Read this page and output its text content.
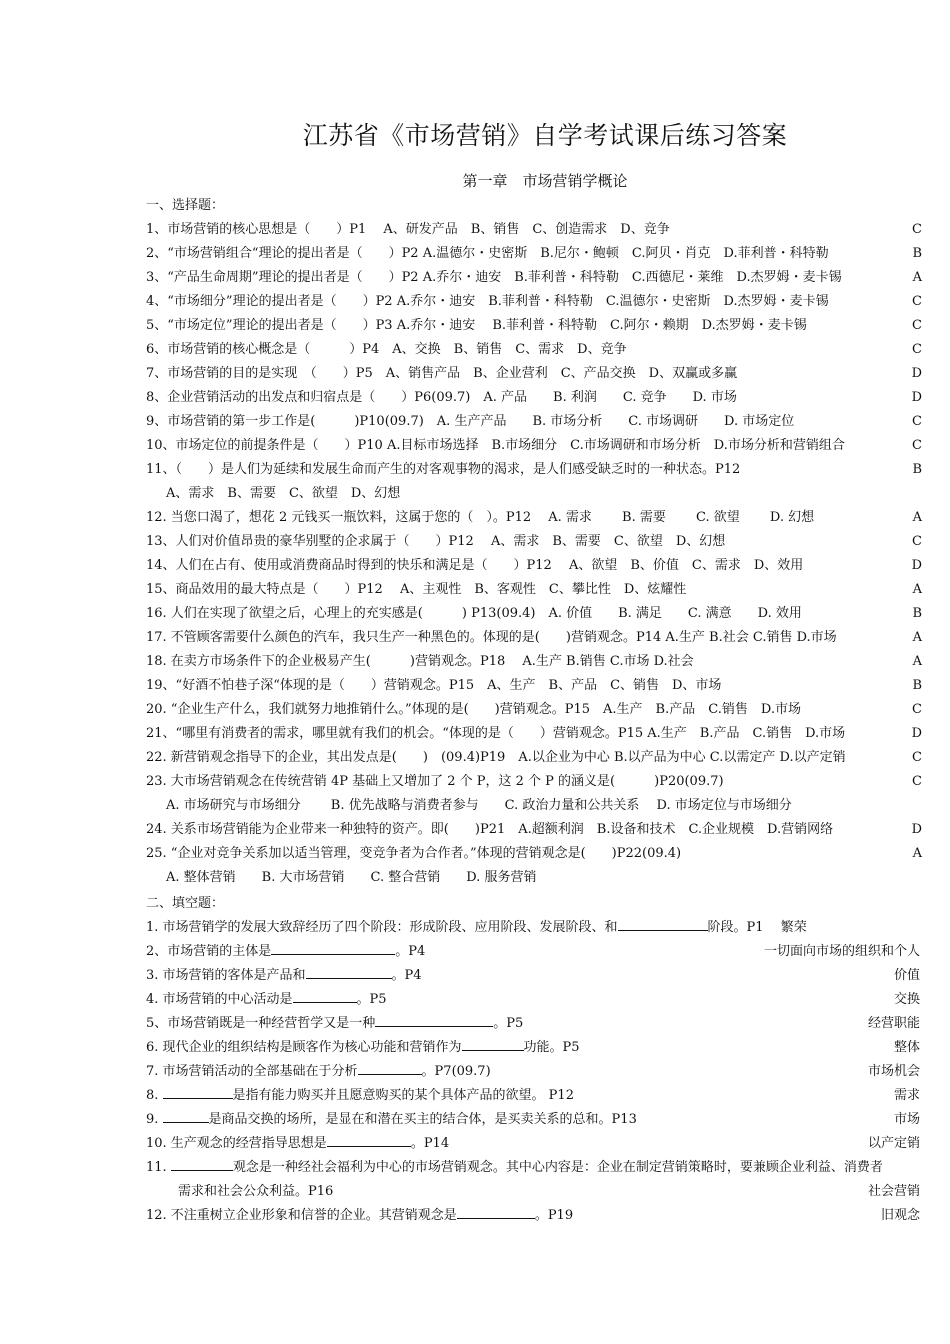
江苏省《市场营销》自学考试课后练习答案
第一章　市场营销学概论
一、选择题：
1、市场营销的核心思想是（　　）P1　 A、研发产品　B、销售　C、创造需求　D、竞争	C
2、“市场营销组合“理论的提出者是（　　）P2 A.温德尔・史密斯　B.尼尔・鲍顿　C.阿贝・肖克　D.菲利普・科特勒	B
3、“产品生命周期”理论的提出者是（　　）P2 A.乔尔・迪安　B.菲利普・科特勒　C.西德尼・莱维　D.杰罗姆・麦卡锡	A
4、“市场细分”理论的提出者是（　　）P2 A.乔尔・迪安　B.菲利普・科特勒　C.温德尔・史密斯　D.杰罗姆・麦卡锡	C
5、“市场定位”理论的提出者是（　　）P3 A.乔尔・迪安　 B.菲利普・科特勒　C.阿尔・赖期　D.杰罗姆・麦卡锡	C
6、市场营销的核心概念是（　　　）P4　A、交换　B、销售　C、需求　D、竞争	C
7、市场营销的目的是实现　（　　）P5　A、销售产品　B、企业营利　C、产品交换　D、双赢或多赢	D
8、企业营销活动的出发点和归宿点是（　　）P6(09.7)　A. 产品　　B. 利润　　C. 竞争　　D. 市场	D
9、市场营销的第一步工作是(　　　)P10(09.7)　A. 生产产品　　B. 市场分析　　C. 市场调研　　D. 市场定位	C
10、市场定位的前提条件是（　　）P10 A.目标市场选择　B.市场细分　C.市场调研和市场分析　D.市场分析和营销组合	C
11、（　　）是人们为延续和发展生命而产生的对客观事物的渴求，是人们感受缺乏时的一种状态。P12	B
A、需求　B、需要　C、欲望　D、幻想
12. 当您口渴了，想花 2 元钱买一瓶饮料，这属于您的（　）。P12　 A. 需求　　 B. 需要　　 C. 欲望　　 D. 幻想	A
13、人们对价值昂贵的豪华别墅的企求属于（　　）P12　 A、需求　B、需要　C、欲望　D、幻想	C
14、人们在占有、使用或消费商品时得到的快乐和满足是（　　）P12　 A、欲望　B、价值　C、需求　D、效用	D
15、商品效用的最大特点是（　　）P12　 A、主观性　B、客观性　C、攀比性　D、炫耀性	A
16. 人们在实现了欲望之后，心理上的充实感是(　　　) P13(09.4)　A. 价值　　B. 满足　　C. 满意　　D. 效用	B
17. 不管顾客需要什么颜色的汽车，我只生产一种黑色的。体现的是(　　)营销观念。P14 A.生产 B.社会 C.销售 D.市场	A
18. 在卖方市场条件下的企业极易产生(　　　)营销观念。P18　 A.生产 B.销售 C.市场 D.社会	A
19、“好酒不怕巷子深“体现的是（　　）营销观念。P15　A、生产　B、产品　C、销售　D、市场	B
20. “企业生产什么，我们就努力地推销什么。”体现的是(　　)营销观念。P15　A.生产　B.产品　C.销售　D.市场	C
21、“哪里有消费者的需求，哪里就有我们的机会。“体现的是（　　）营销观念。P15 A.生产　B.产品　C.销售　D.市场	D
22. 新营销观念指导下的企业，其出发点是(　　)　(09.4)P19　A.以企业为中心 B.以产品为中心 C.以需定产 D.以产定销	C
23. 大市场营销观念在传统营销 4P 基础上又增加了 2 个 P，这 2 个 P 的涵义是(　　　)P20(09.7)	C
A. 市场研究与市场细分　　 B. 优先战略与消费者参与　　C. 政治力量和公共关系　 D. 市场定位与市场细分
24. 关系市场营销能为企业带来一种独特的资产。即(　　)P21　A.超额利润　B.设备和技术　C.企业规模　D.营销网络	D
25. “企业对竞争关系加以适当管理，变竞争者为合作者。”体现的营销观念是(　　)P22(09.4)	A
A. 整体营销　　B. 大市场营销　　C. 整合营销　　D. 服务营销
二、填空题：
1. 市场营销学的发展大致辞经历了四个阶段：形成阶段、应用阶段、发展阶段、和	阶段。P1　 繁荣
2、市场营销的主体是	。P4	一切面向市场的组织和个人
3. 市场营销的客体是产品和	。P4	价值
4. 市场营销的中心活动是	。P5	交换
5、市场营销既是一种经营哲学又是一种	。P5	经营职能
6. 现代企业的组织结构是顾客作为核心功能和营销作为	功能。P5	整体
7. 市场营销活动的全部基础在于分析	。P7(09.7)	市场机会
8.	是指有能力购买并且愿意购买的某个具体产品的欲望。 P12	需求
9.	是商品交换的场所，是显在和潜在买主的结合体，是买卖关系的总和。P13	市场
10. 生产观念的经营指导思想是	。P14	以产定销
11.	观念是一种经社会福利为中心的市场营销观念。其中心内容是：企业在制定营销策略时，要兼顾企业利益、消费者
需求和社会公众利益。P16	社会营销
12. 不注重树立企业形象和信誉的企业。其营销观念是	。P19	旧观念
